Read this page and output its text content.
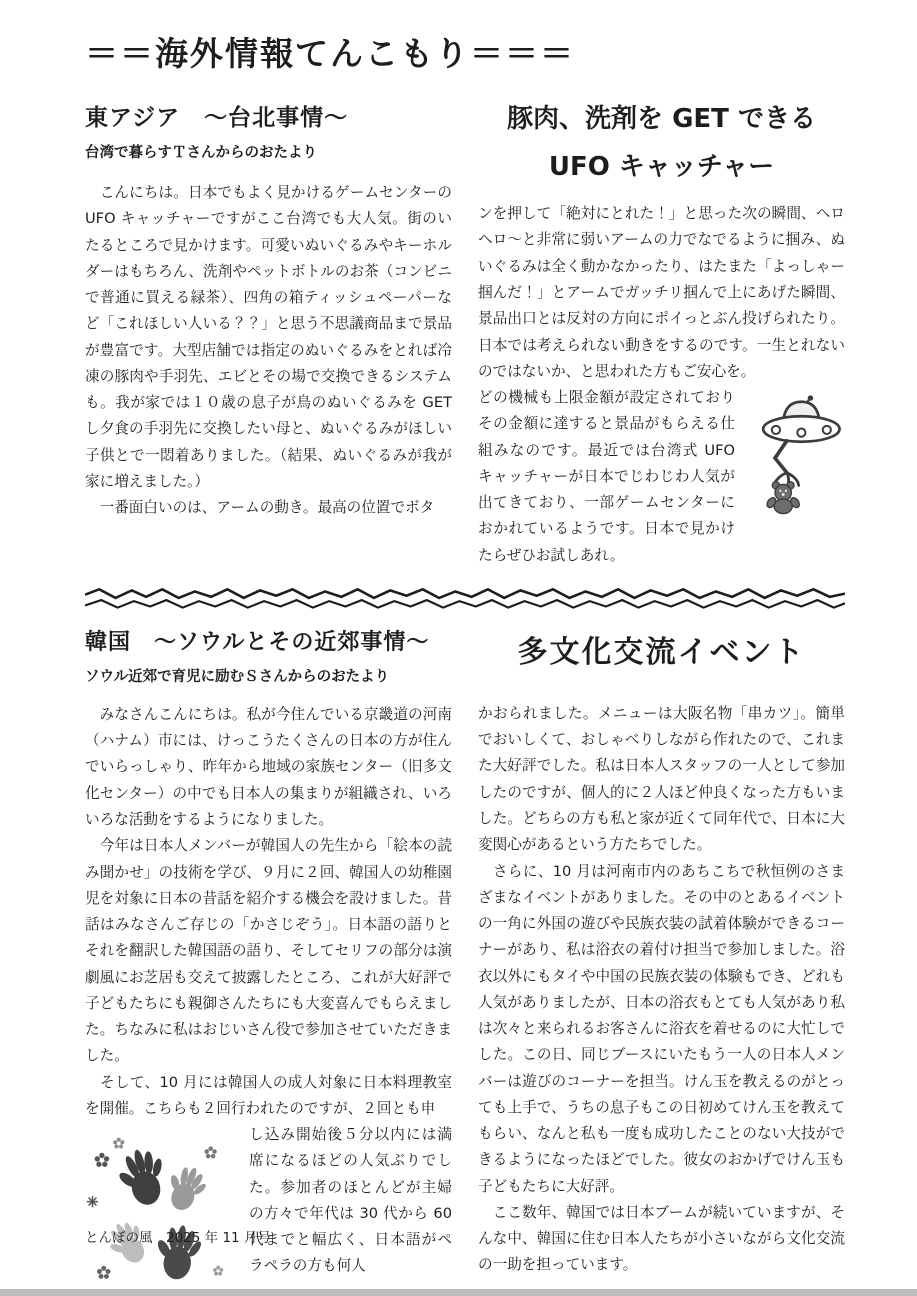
＝＝海外情報てんこもり＝＝＝
東アジア　～台北事情～
台湾で暮らすＴさんからのおたより

　こんにちは。日本でもよく見かけるゲームセンターの UFO キャッチャーですがここ台湾でも大人気。街のいたるところで見かけます。可愛いぬいぐるみやキーホルダーはもちろん、洗剤やペットボトルのお茶（コンビニで普通に買える緑茶）、四角の箱ティッシュペーパーなど「これほしい人いる？？」と思う不思議商品まで景品が豊富です。大型店舗では指定のぬいぐるみをとれば冷凍の豚肉や手羽先、エビとその場で交換できるシステムも。我が家では１０歳の息子が鳥のぬいぐるみを GET し夕食の手羽先に交換したい母と、ぬいぐるみがほしい子供とで一悶着ありました。（結果、ぬいぐるみが我が家に増えました。）

　一番面白いのは、アームの動き。最高の位置でボタ

豚肉、洗剤を GET できる
UFO キャッチャー

ンを押して「絶対にとれた！」と思った次の瞬間、ヘロヘロ～と非常に弱いアームの力でなでるように掴み、ぬいぐるみは全く動かなかったり、はたまた「よっしゃー掴んだ！」とアームでガッチリ掴んで上にあげた瞬間、景品出口とは反対の方向にポイっとぶん投げられたり。日本では考えられない動きをするのです。一生とれないのではないか、と思われた方もご安心を。

どの機械も上限金額が設定されておりその金額に達すると景品がもらえる仕組みなのです。最近では台湾式 UFO キャッチャーが日本でじわじわ人気が出てきており、一部ゲームセンターにおかれているようです。日本で見かけたらぜひお試しあれ。

韓国　～ソウルとその近郊事情～
ソウル近郊で育児に励むＳさんからのおたより

　みなさんこんにちは。私が今住んでいる京畿道の河南（ハナム）市には、けっこうたくさんの日本の方が住んでいらっしゃり、昨年から地域の家族センター（旧多文化センター）の中でも日本人の集まりが組織され、いろいろな活動をするようになりました。

　今年は日本人メンバーが韓国人の先生から「絵本の読み聞かせ」の技術を学び、９月に２回、韓国人の幼稚園児を対象に日本の昔話を紹介する機会を設けました。昔話はみなさんご存じの「かさじぞう」。日本語の語りとそれを翻訳した韓国語の語り、そしてセリフの部分は演劇風にお芝居も交えて披露したところ、これが大好評で子どもたちにも親御さんたちにも大変喜んでもらえました。ちなみに私はおじいさん役で参加させていただきました。

　そして、10 月には韓国人の成人対象に日本料理教室を開催。こちらも２回行われたのですが、２回とも申

し込み開始後５分以内には満席になるほどの人気ぶりでした。参加者のほとんどが主婦の方々で年代は 30 代から 60 代までと幅広く、日本語がペラペラの方も何人

多文化交流イベント

かおられました。メニューは大阪名物「串カツ」。簡単でおいしくて、おしゃべりしながら作れたので、これまた大好評でした。私は日本人スタッフの一人として参加したのですが、個人的に２人ほど仲良くなった方もいました。どちらの方も私と家が近くて同年代で、日本に大変関心があるという方たちでした。

　さらに、10 月は河南市内のあちこちで秋恒例のさまざまなイベントがありました。その中のとあるイベントの一角に外国の遊びや民族衣装の試着体験ができるコーナーがあり、私は浴衣の着付け担当で参加しました。浴衣以外にもタイや中国の民族衣装の体験もでき、どれも人気がありましたが、日本の浴衣もとても人気があり私は次々と来られるお客さんに浴衣を着せるのに大忙しでした。この日、同じブースにいたもう一人の日本人メンバーは遊びのコーナーを担当。けん玉を教えるのがとっても上手で、うちの息子もこの日初めてけん玉を教えてもらい、なんと私も一度も成功したことのない大技ができるようになったほどでした。彼女のおかげでけん玉も子どもたちに大好評。

　ここ数年、韓国では日本ブームが続いていますが、そんな中、韓国に住む日本人たちが小さいながら文化交流の一助を担っています。

とんぼの風　2025 年 11 月号
